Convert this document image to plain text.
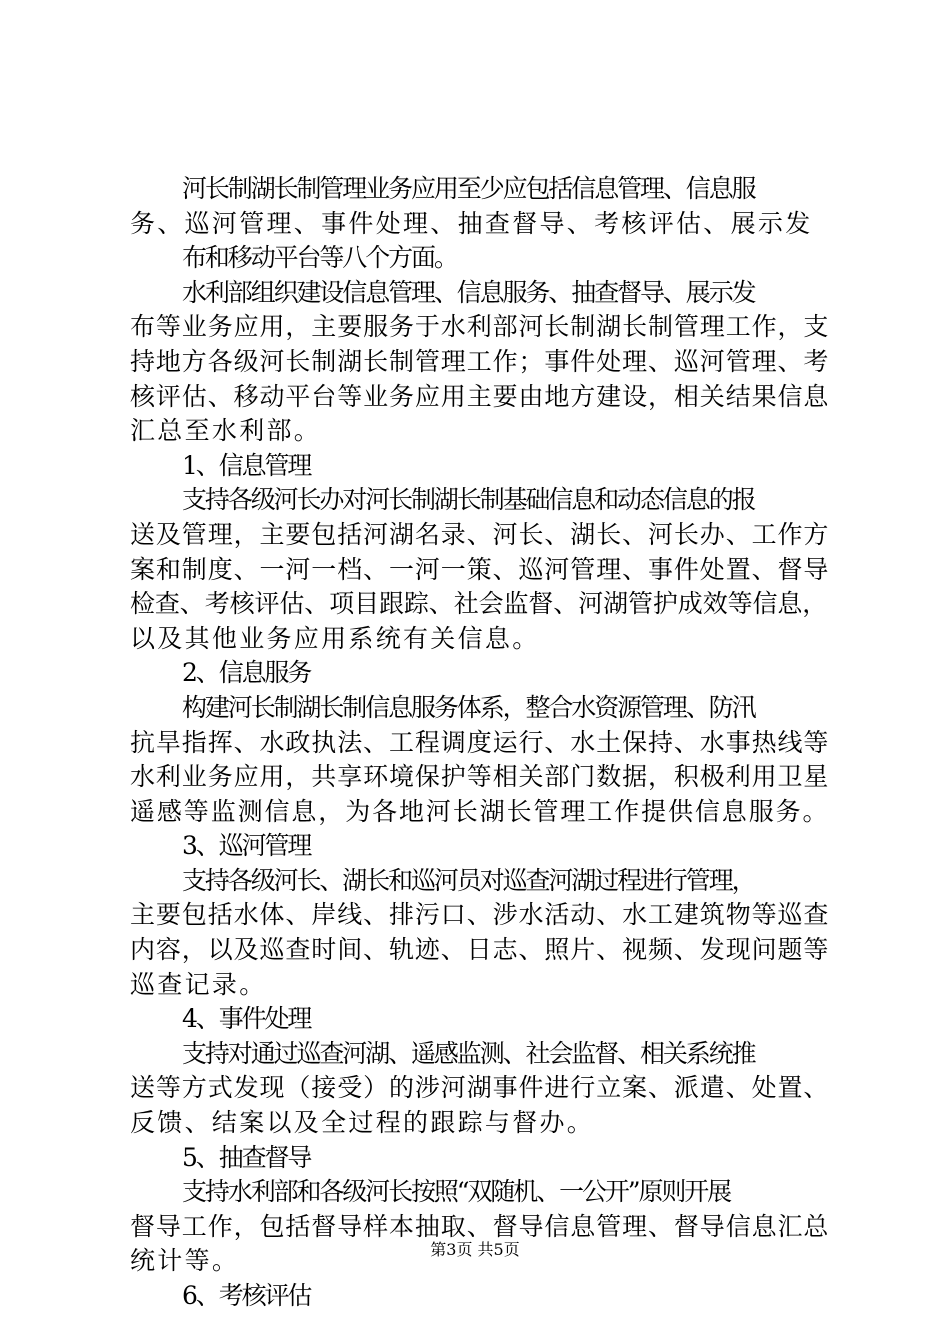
河长制湖长制管理业务应用至少应包括信息管理、信息服
务、巡河管理、事件处理、抽查督导、考核评估、展示发
布和移动平台等八个方面。
水利部组织建设信息管理、信息服务、抽查督导、展示发
布等业务应用，主要服务于水利部河长制湖长制管理工作，支
持地方各级河长制湖长制管理工作；事件处理、巡河管理、考
核评估、移动平台等业务应用主要由地方建设，相关结果信息
汇总至水利部。
1、信息管理
支持各级河长办对河长制湖长制基础信息和动态信息的报
送及管理，主要包括河湖名录、河长、湖长、河长办、工作方
案和制度、一河一档、一河一策、巡河管理、事件处置、督导
检查、考核评估、项目跟踪、社会监督、河湖管护成效等信息，
以及其他业务应用系统有关信息。
2、信息服务
构建河长制湖长制信息服务体系，整合水资源管理、防汛
抗旱指挥、水政执法、工程调度运行、水土保持、水事热线等
水利业务应用，共享环境保护等相关部门数据，积极利用卫星
遥感等监测信息，为各地河长湖长管理工作提供信息服务。
3、巡河管理
支持各级河长、湖长和巡河员对巡查河湖过程进行管理，
主要包括水体、岸线、排污口、涉水活动、水工建筑物等巡查
内容，以及巡查时间、轨迹、日志、照片、视频、发现问题等
巡查记录。
4、事件处理
支持对通过巡查河湖、遥感监测、社会监督、相关系统推
送等方式发现（接受）的涉河湖事件进行立案、派遣、处置、
反馈、结案以及全过程的跟踪与督办。
5、抽查督导
支持水利部和各级河长按照“双随机、一公开”原则开展
督导工作，包括督导样本抽取、督导信息管理、督导信息汇总
统计等。
6、考核评估
第3页 共5页
